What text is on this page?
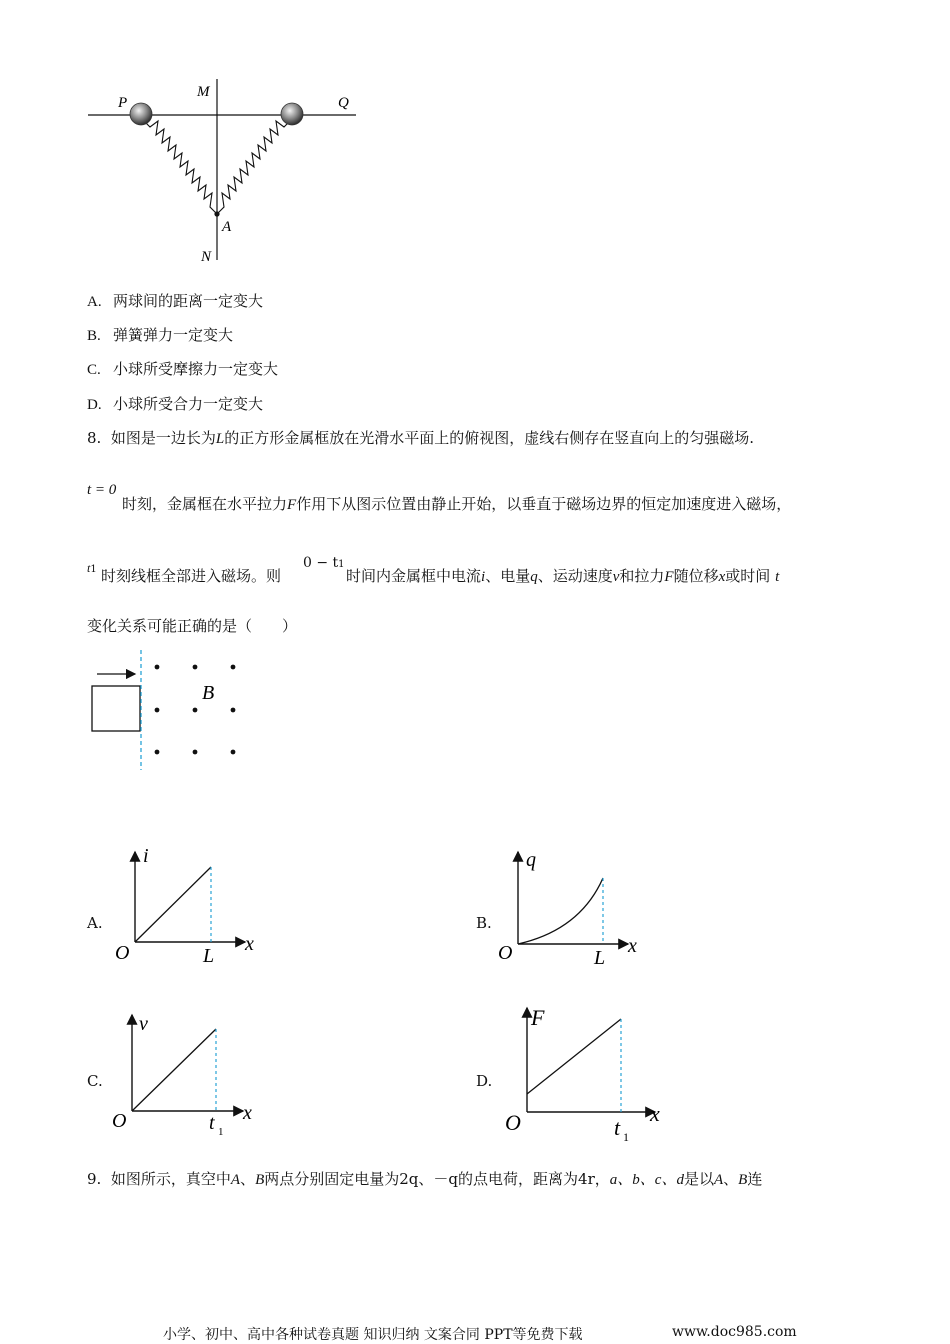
P
M
Q
A
N
A. 两球间的距离一定变大
B. 弹簧弹力一定变大
C. 小球所受摩擦力一定变大
D. 小球所受合力一定变大
8. 如图是一边长为L的正方形金属框放在光滑水平面上的俯视图，虚线右侧存在竖直向上的匀强磁场.
t = 0
时刻，金属框在水平拉力F作用下从图示位置由静止开始，以垂直于磁场边界的恒定加速度进入磁场，
t1	0 − t1
时刻线框全部进入磁场。则	时间内金属框中电流i、电量q、运动速度v和拉力F随位移x或时间 t
变化关系可能正确的是（　　）
B
A.
i
x
O	L
B.
q
x
O	L
C.
v
x
O	t 1
D.
F
x
O	t 1
9. 如图所示，真空中A、B两点分别固定电量为2q、－q的点电荷，距离为4r，a、b、c、d是以A、B连
小学、初中、高中各种试卷真题 知识归纳 文案合同 PPT等免费下载	www.doc985.com
